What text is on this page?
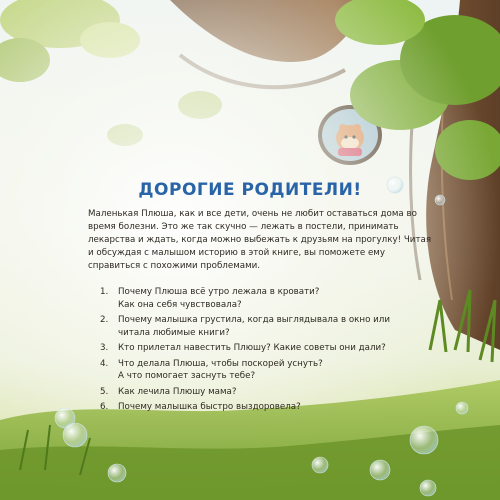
ДОРОГИЕ РОДИТЕЛИ!

Маленькая Плюша, как и все дети, очень не любит оставаться дома во время болезни. Это же так скучно — лежать в постели, принимать лекарства и ждать, когда можно выбежать к друзьям на прогулку! Читая и обсуждая с малышом историю в этой книге, вы поможете ему справиться с похожими проблемами.

1. Почему Плюша всё утро лежала в кровати?
Как она себя чувствовала?
2. Почему малышка грустила, когда выглядывала в окно или читала любимые книги?
3. Кто прилетал навестить Плюшу? Какие советы они дали?
4. Что делала Плюша, чтобы поскорей уснуть?
А что помогает заснуть тебе?
5. Как лечила Плюшу мама?
6. Почему малышка быстро выздоровела?
